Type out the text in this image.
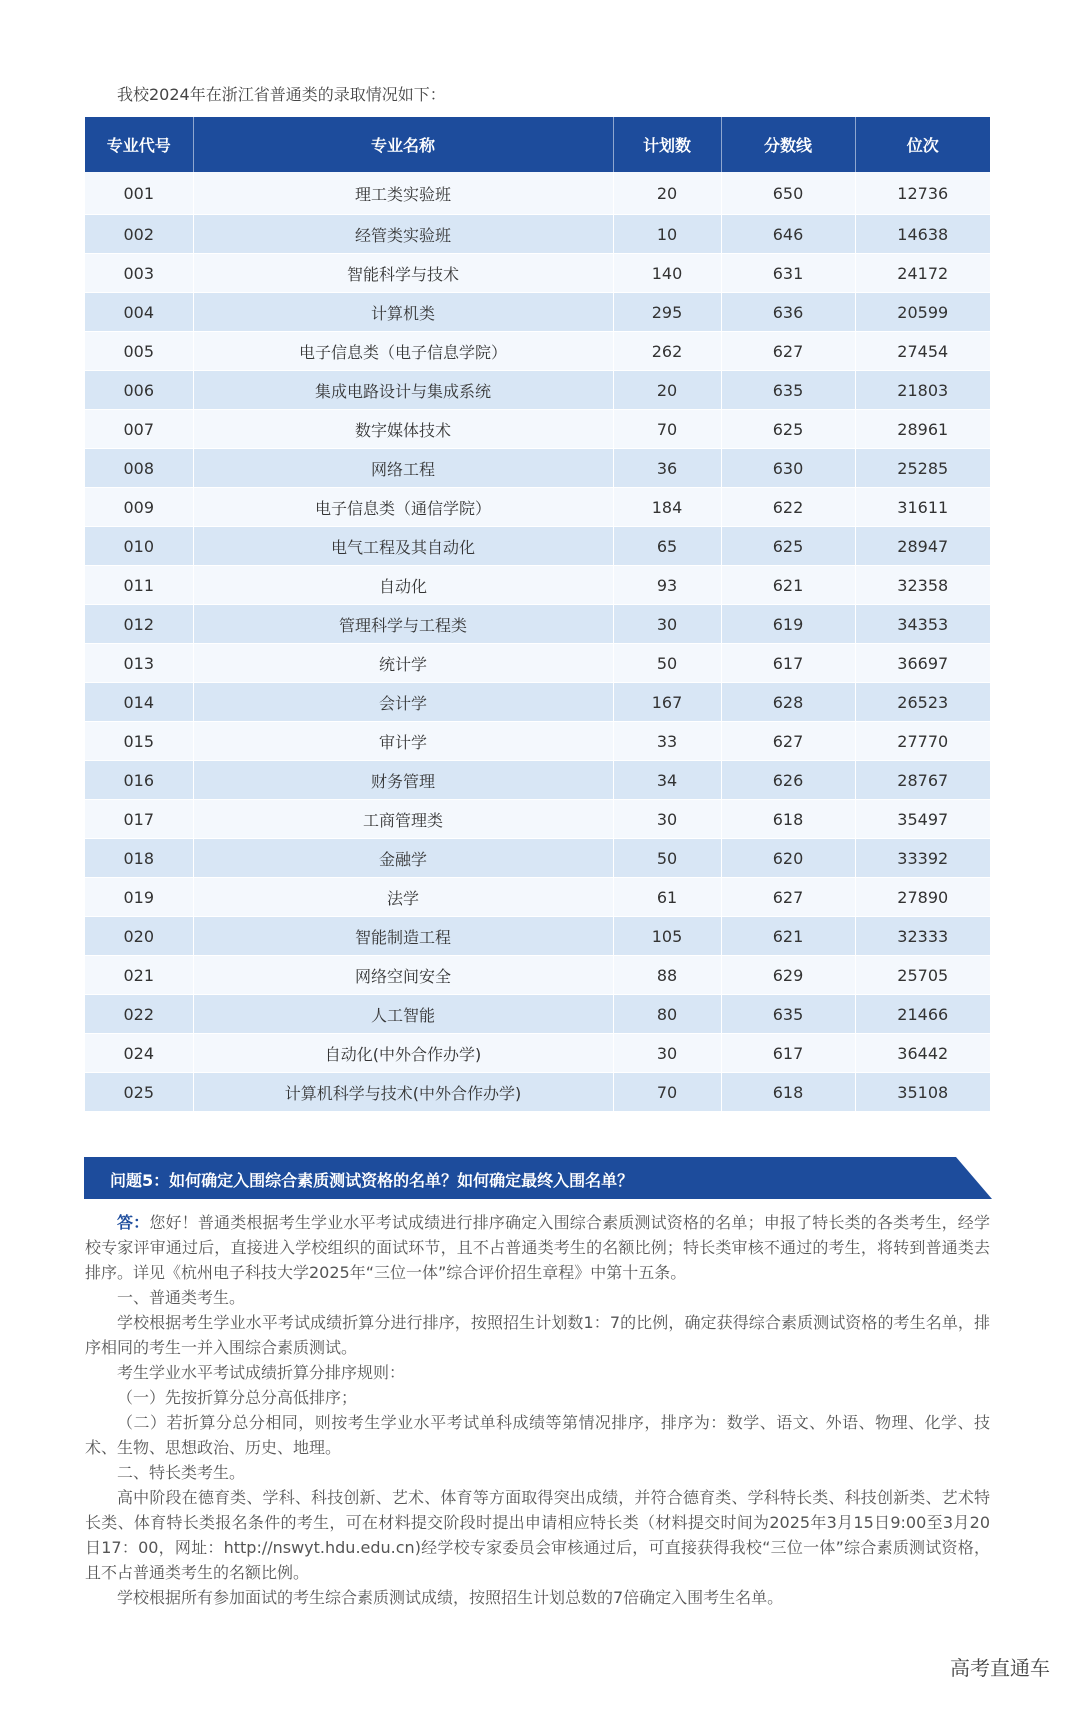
我校2024年在浙江省普通类的录取情况如下：
专业代号	专业名称	计划数	分数线	位次
001	理工类实验班	20	650	12736
002	经管类实验班	10	646	14638
003	智能科学与技术	140	631	24172
004	计算机类	295	636	20599
005	电子信息类（电子信息学院）	262	627	27454
006	集成电路设计与集成系统	20	635	21803
007	数字媒体技术	70	625	28961
008	网络工程	36	630	25285
009	电子信息类（通信学院）	184	622	31611
010	电气工程及其自动化	65	625	28947
011	自动化	93	621	32358
012	管理科学与工程类	30	619	34353
013	统计学	50	617	36697
014	会计学	167	628	26523
015	审计学	33	627	27770
016	财务管理	34	626	28767
017	工商管理类	30	618	35497
018	金融学	50	620	33392
019	法学	61	627	27890
020	智能制造工程	105	621	32333
021	网络空间安全	88	629	25705
022	人工智能	80	635	21466
024	自动化(中外合作办学)	30	617	36442
025	计算机科学与技术(中外合作办学)	70	618	35108
问题5：如何确定入围综合素质测试资格的名单？如何确定最终入围名单？

答：您好！普通类根据考生学业水平考试成绩进行排序确定入围综合素质测试资格的名单；申报了特长类的各类考生，经学校专家评审通过后，直接进入学校组织的面试环节，且不占普通类考生的名额比例；特长类审核不通过的考生，将转到普通类去排序。详见《杭州电子科技大学2025年“三位一体”综合评价招生章程》中第十五条。

一、普通类考生。

学校根据考生学业水平考试成绩折算分进行排序，按照招生计划数1：7的比例，确定获得综合素质测试资格的考生名单，排序相同的考生一并入围综合素质测试。

考生学业水平考试成绩折算分排序规则：

（一）先按折算分总分高低排序；

（二）若折算分总分相同，则按考生学业水平考试单科成绩等第情况排序，排序为：数学、语文、外语、物理、化学、技术、生物、思想政治、历史、地理。

二、特长类考生。

高中阶段在德育类、学科、科技创新、艺术、体育等方面取得突出成绩，并符合德育类、学科特长类、科技创新类、艺术特长类、体育特长类报名条件的考生，可在材料提交阶段时提出申请相应特长类（材料提交时间为2025年3月15日9:00至3月20日17：00，网址：http://nswyt.hdu.edu.cn)经学校专家委员会审核通过后，可直接获得我校“三位一体”综合素质测试资格，且不占普通类考生的名额比例。

学校根据所有参加面试的考生综合素质测试成绩，按照招生计划总数的7倍确定入围考生名单。

高考直通车
